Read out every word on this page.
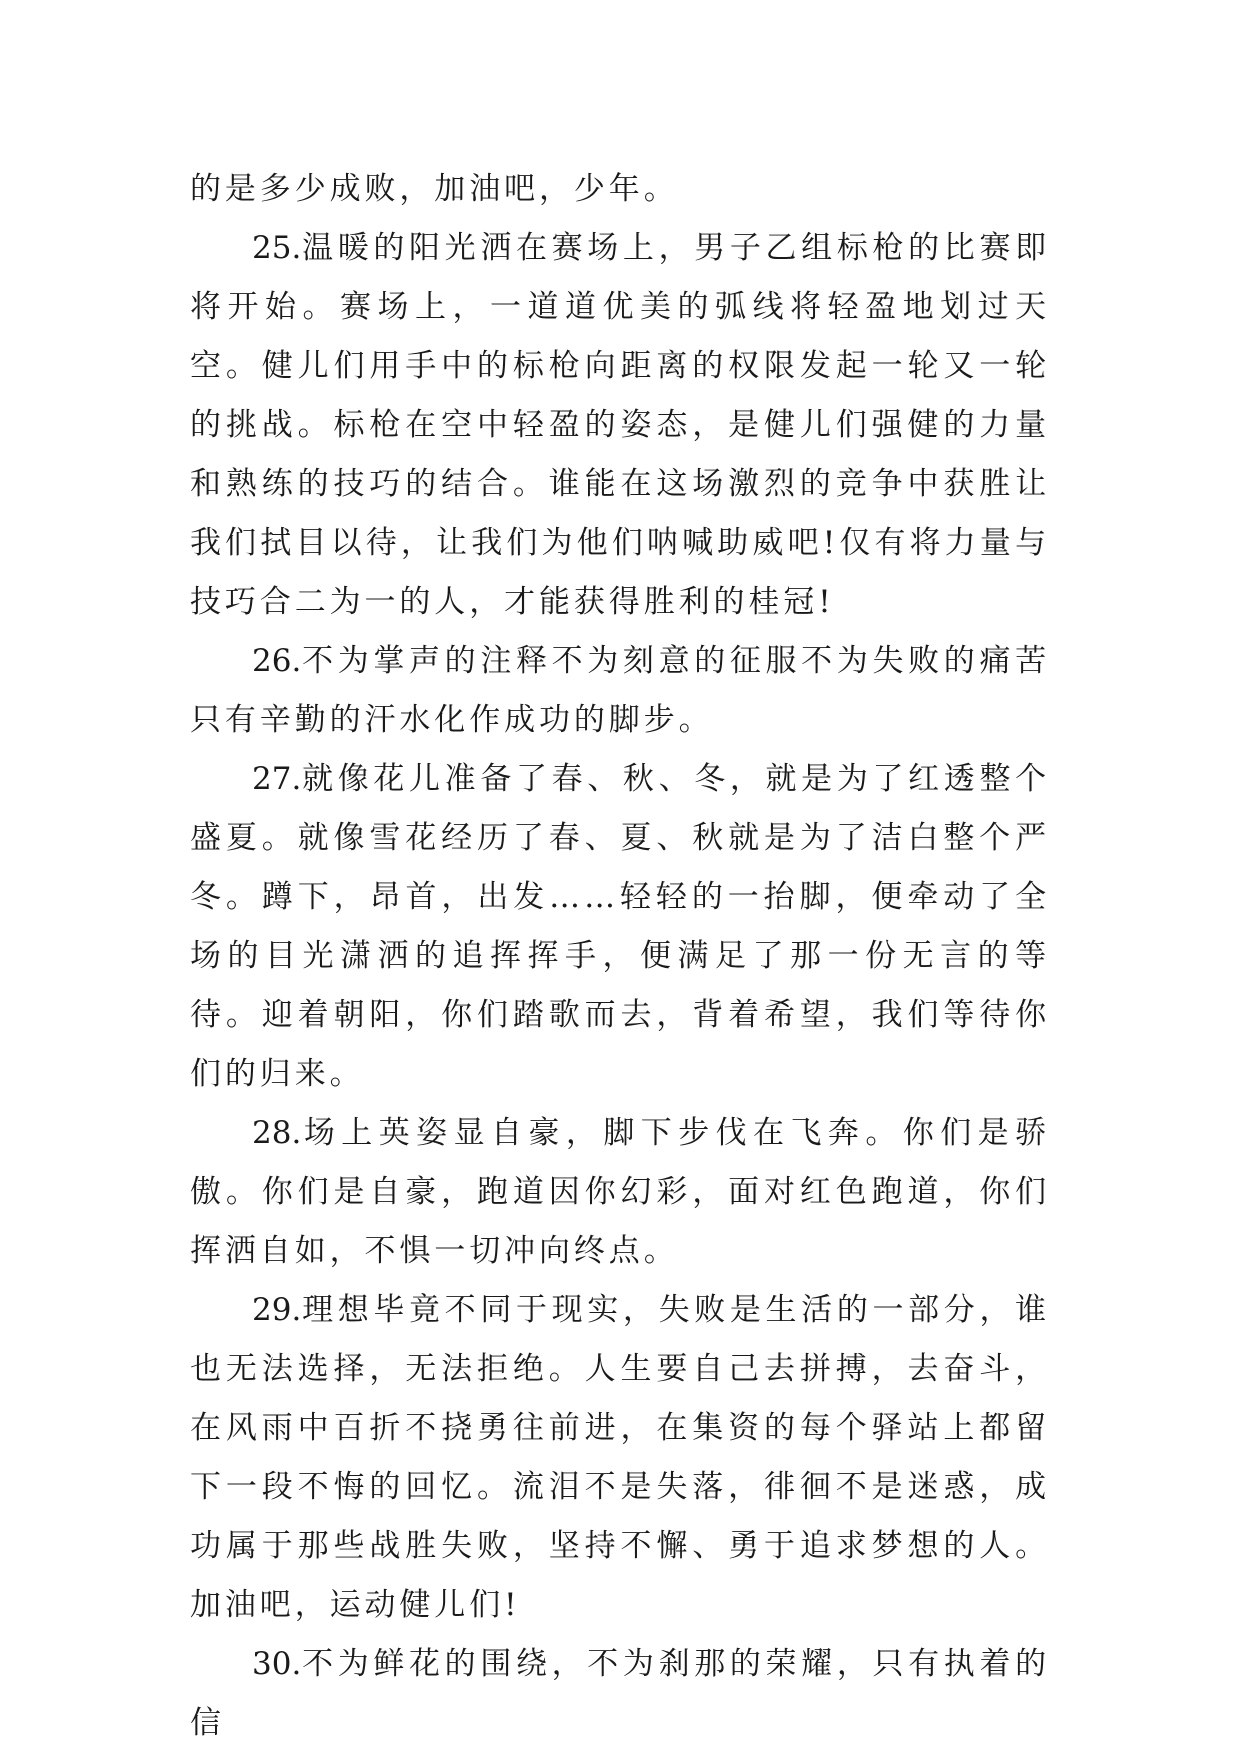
的是多少成败，加油吧，少年。

25.温暖的阳光洒在赛场上，男子乙组标枪的比赛即将开始。赛场上，一道道优美的弧线将轻盈地划过天空。健儿们用手中的标枪向距离的权限发起一轮又一轮的挑战。标枪在空中轻盈的姿态，是健儿们强健的力量和熟练的技巧的结合。谁能在这场激烈的竞争中获胜让我们拭目以待，让我们为他们呐喊助威吧!仅有将力量与技巧合二为一的人，才能获得胜利的桂冠!

26.不为掌声的注释不为刻意的征服不为失败的痛苦只有辛勤的汗水化作成功的脚步。

27.就像花儿准备了春、秋、冬，就是为了红透整个盛夏。就像雪花经历了春、夏、秋就是为了洁白整个严冬。蹲下，昂首，出发……轻轻的一抬脚，便牵动了全场的目光潇洒的追挥挥手，便满足了那一份无言的等待。迎着朝阳，你们踏歌而去，背着希望，我们等待你们的归来。

28.场上英姿显自豪，脚下步伐在飞奔。你们是骄傲。你们是自豪，跑道因你幻彩，面对红色跑道，你们挥洒自如，不惧一切冲向终点。

29.理想毕竟不同于现实，失败是生活的一部分，谁也无法选择，无法拒绝。人生要自己去拼搏，去奋斗，在风雨中百折不挠勇往前进，在集资的每个驿站上都留下一段不悔的回忆。流泪不是失落，徘徊不是迷惑，成功属于那些战胜失败，坚持不懈、勇于追求梦想的人。加油吧，运动健儿们!

30.不为鲜花的围绕，不为刹那的荣耀，只有执着的信
